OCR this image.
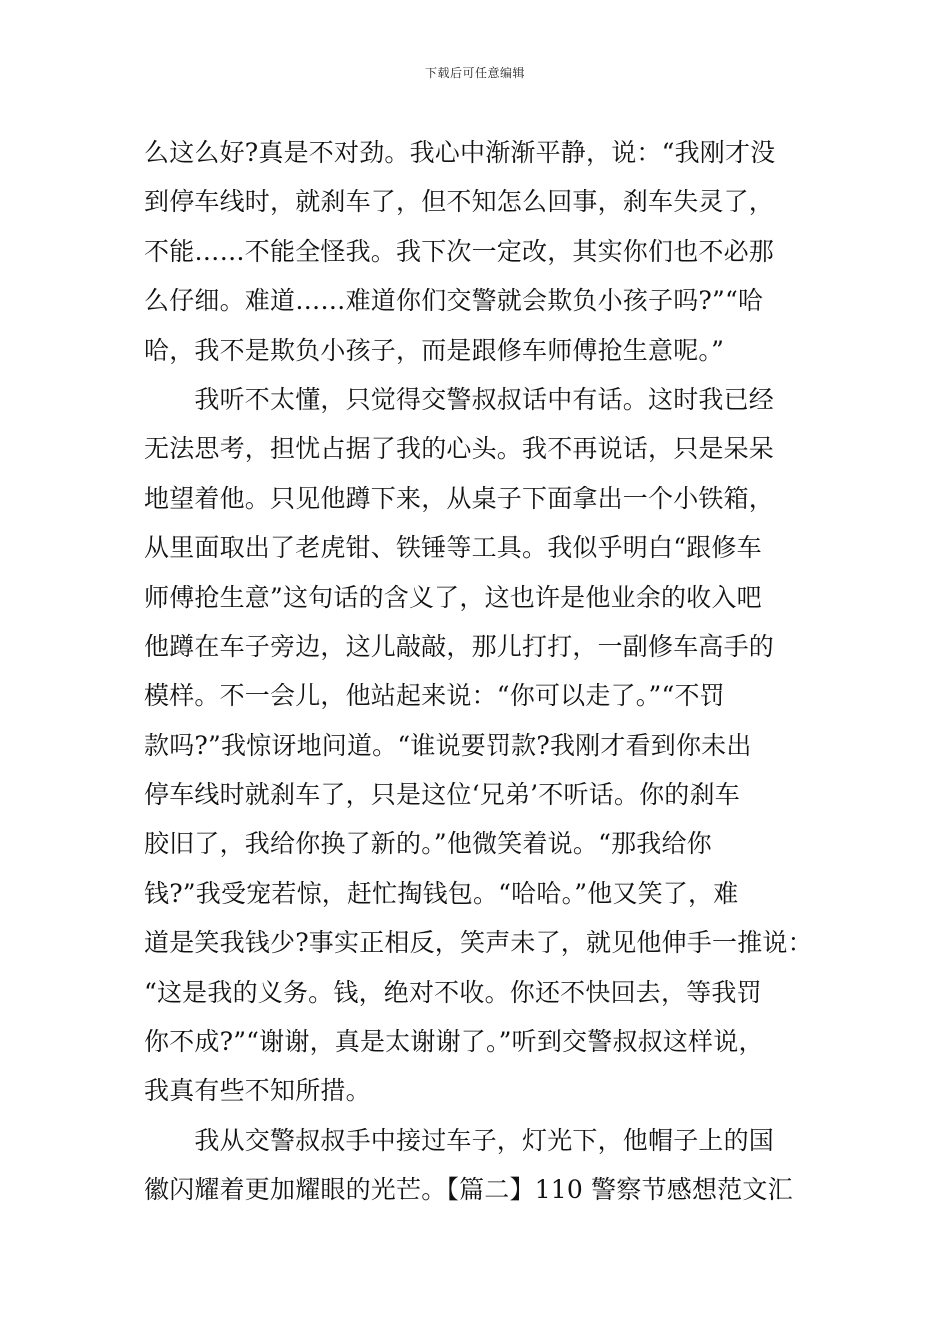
下载后可任意编辑
么这么好?真是不对劲。我心中渐渐平静，说：“我刚才没
到停车线时，就刹车了，但不知怎么回事，刹车失灵了，
不能……不能全怪我。我下次一定改，其实你们也不必那
么仔细。难道……难道你们交警就会欺负小孩子吗?”“哈
哈，我不是欺负小孩子，而是跟修车师傅抢生意呢。”
　　我听不太懂，只觉得交警叔叔话中有话。这时我已经
无法思考，担忧占据了我的心头。我不再说话，只是呆呆
地望着他。只见他蹲下来，从桌子下面拿出一个小铁箱，
从里面取出了老虎钳、铁锤等工具。我似乎明白“跟修车
师傅抢生意”这句话的含义了，这也许是他业余的收入吧
他蹲在车子旁边，这儿敲敲，那儿打打，一副修车高手的
模样。不一会儿，他站起来说：“你可以走了。”“不罚
款吗?”我惊讶地问道。“谁说要罚款?我刚才看到你未出
停车线时就刹车了，只是这位‘兄弟’不听话。你的刹车
胶旧了，我给你换了新的。”他微笑着说。“那我给你
钱?”我受宠若惊，赶忙掏钱包。“哈哈。”他又笑了，难
道是笑我钱少?事实正相反，笑声未了，就见他伸手一推说：
“这是我的义务。钱，绝对不收。你还不快回去，等我罚
你不成?”“谢谢，真是太谢谢了。”听到交警叔叔这样说，
我真有些不知所措。
　　我从交警叔叔手中接过车子，灯光下，他帽子上的国
徽闪耀着更加耀眼的光芒。【篇二】110 警察节感想范文汇
